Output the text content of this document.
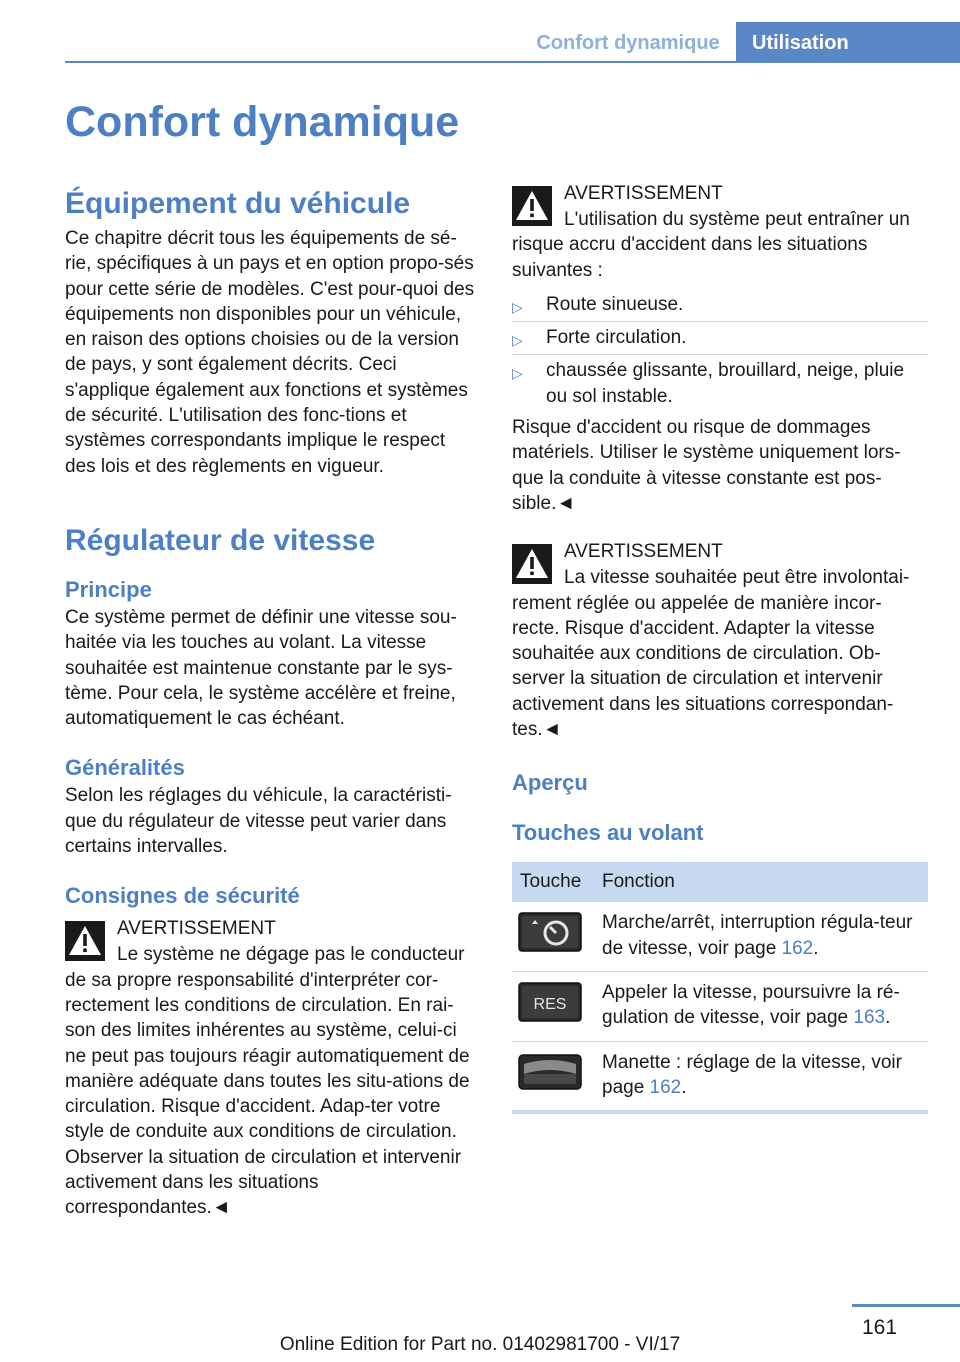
Confort dynamique	Utilisation
Confort dynamique
Équipement du véhicule

Ce chapitre décrit tous les équipements de sé‐rie, spécifiques à un pays et en option propo‐sés pour cette série de modèles. C'est pour‐quoi des équipements non disponibles pour un véhicule, en raison des options choisies ou de la version de pays, y sont également décrits. Ceci s'applique également aux fonctions et systèmes de sécurité. L'utilisation des fonc‐tions et systèmes correspondants implique le respect des lois et des règlements en vigueur.

Régulateur de vitesse
Principe

Ce système permet de définir une vitesse sou‐haitée via les touches au volant. La vitesse souhaitée est maintenue constante par le sys‐tème. Pour cela, le système accélère et freine, automatiquement le cas échéant.

Généralités

Selon les réglages du véhicule, la caractéristi‐que du régulateur de vitesse peut varier dans certains intervalles.

Consignes de sécurité
AVERTISSEMENT

Le système ne dégage pas le conducteur de sa propre responsabilité d'interpréter cor‐rectement les conditions de circulation. En rai‐son des limites inhérentes au système, celui-ci ne peut pas toujours réagir automatiquement de manière adéquate dans toutes les situ‐ations de circulation. Risque d'accident. Adap‐ter votre style de conduite aux conditions de circulation. Observer la situation de circulation et intervenir activement dans les situations correspondantes.◄

AVERTISSEMENT

L'utilisation du système peut entraîner un risque accru d'accident dans les situations suivantes :

▷ Route sinueuse.
▷ Forte circulation.
▷ chaussée glissante, brouillard, neige, pluie ou sol instable.

Risque d'accident ou risque de dommages matériels. Utiliser le système uniquement lors‐que la conduite à vitesse constante est pos‐sible.◄

AVERTISSEMENT

La vitesse souhaitée peut être involontai‐rement réglée ou appelée de manière incor‐recte. Risque d'accident. Adapter la vitesse souhaitée aux conditions de circulation. Ob‐server la situation de circulation et intervenir activement dans les situations correspondan‐tes.◄

Aperçu
Touches au volant
Touche	Fonction

	Marche/arrêt, interruption régula‐teur de vitesse, voir page 162.

RES	Appeler la vitesse, poursuivre la ré‐gulation de vitesse, voir page 163.

	Manette : réglage de la vitesse, voir page 162.
161
Online Edition for Part no. 01402981700 - VI/17
